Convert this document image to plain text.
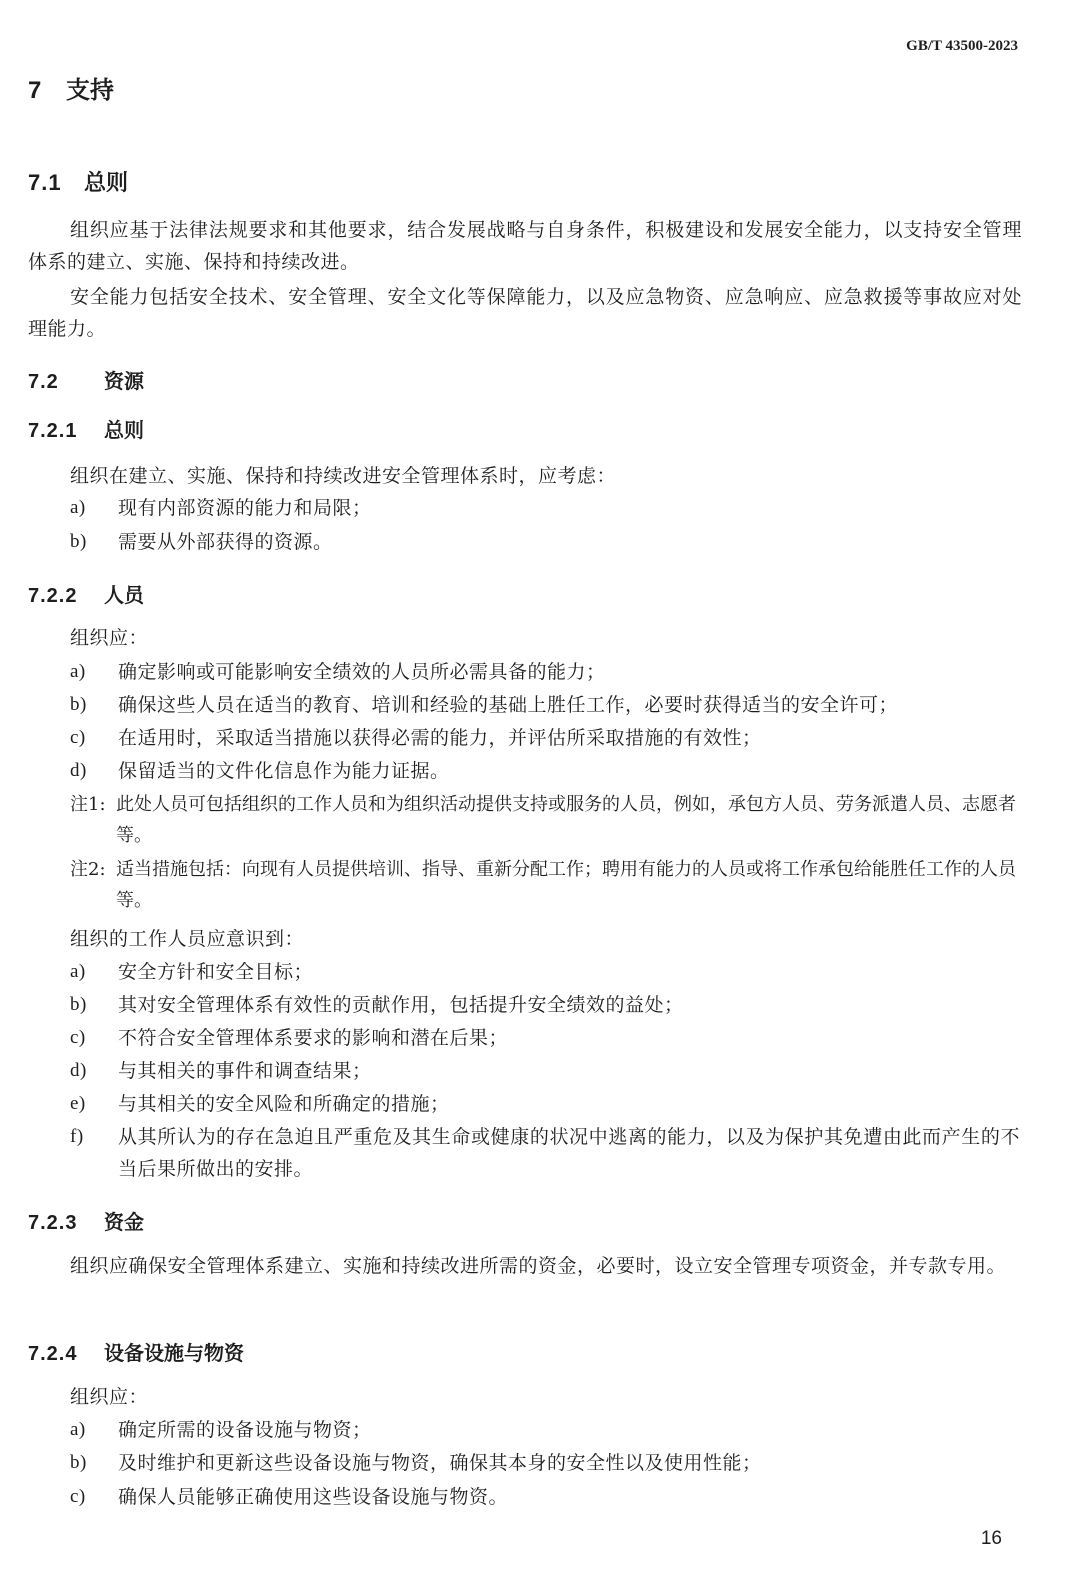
GB/T 43500-2023
7 支持
7.1 总则
组织应基于法律法规要求和其他要求，结合发展战略与自身条件，积极建设和发展安全能力，以支持安全管理体系的建立、实施、保持和持续改进。
安全能力包括安全技术、安全管理、安全文化等保障能力，以及应急物资、应急响应、应急救援等事故应对处理能力。
7.2 资源
7.2.1 总则
组织在建立、实施、保持和持续改进安全管理体系时，应考虑：
a) 现有内部资源的能力和局限；
b) 需要从外部获得的资源。
7.2.2 人员
组织应：
a) 确定影响或可能影响安全绩效的人员所必需具备的能力；
b) 确保这些人员在适当的教育、培训和经验的基础上胜任工作，必要时获得适当的安全许可；
c) 在适用时，采取适当措施以获得必需的能力，并评估所采取措施的有效性；
d) 保留适当的文件化信息作为能力证据。
注1: 此处人员可包括组织的工作人员和为组织活动提供支持或服务的人员，例如，承包方人员、劳务派遣人员、志愿者等。
注2: 适当措施包括：向现有人员提供培训、指导、重新分配工作；聘用有能力的人员或将工作承包给能胜任工作的人员等。
组织的工作人员应意识到：
a) 安全方针和安全目标；
b) 其对安全管理体系有效性的贡献作用，包括提升安全绩效的益处；
c) 不符合安全管理体系要求的影响和潜在后果；
d) 与其相关的事件和调查结果；
e) 与其相关的安全风险和所确定的措施；
f) 从其所认为的存在急迫且严重危及其生命或健康的状况中逃离的能力，以及为保护其免遭由此而产生的不当后果所做出的安排。
7.2.3 资金
组织应确保安全管理体系建立、实施和持续改进所需的资金，必要时，设立安全管理专项资金，并专款专用。
7.2.4 设备设施与物资
组织应：
a) 确定所需的设备设施与物资；
b) 及时维护和更新这些设备设施与物资，确保其本身的安全性以及使用性能；
c) 确保人员能够正确使用这些设备设施与物资。
16
